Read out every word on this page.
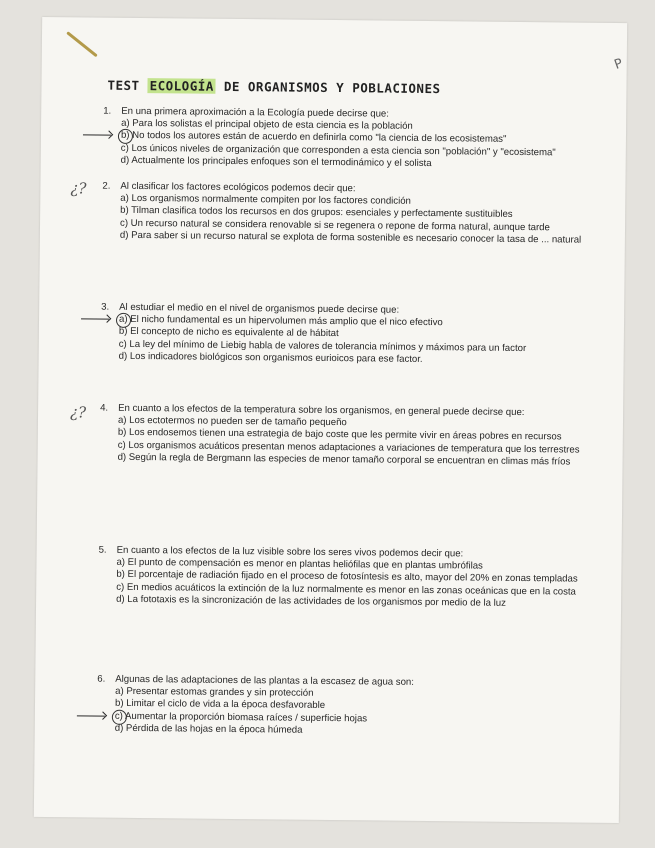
P
TEST ECOLOGÍA DE ORGANISMOS Y POBLACIONES
1.	En una primera aproximación a la Ecología puede decirse que:

a) Para los solistas el principal objeto de esta ciencia es la población

b) No todos los autores están de acuerdo en definirla como "la ciencia de los ecosistemas"

c) Los únicos niveles de organización que corresponden a esta ciencia son "población" y "ecosistema"

d) Actualmente los principales enfoques son el termodinámico y el solista

¿? 2.	Al clasificar los factores ecológicos podemos decir que:

a) Los organismos normalmente compiten por los factores condición

b) Tilman clasifica todos los recursos en dos grupos: esenciales y perfectamente sustituibles

c) Un recurso natural se considera renovable si se regenera o repone de forma natural, aunque tarde

d) Para saber si un recurso natural se explota de forma sostenible es necesario conocer la tasa de ... natural

3.	Al estudiar el medio en el nivel de organismos puede decirse que:

a) El nicho fundamental es un hipervolumen más amplio que el nico efectivo

b) El concepto de nicho es equivalente al de hábitat

c) La ley del mínimo de Liebig habla de valores de tolerancia mínimos y máximos para un factor

d) Los indicadores biológicos son organismos eurioicos para ese factor.

¿? 4.	En cuanto a los efectos de la temperatura sobre los organismos, en general puede decirse que:

a) Los ectotermos no pueden ser de tamaño pequeño

b) Los endosemos tienen una estrategia de bajo coste que les permite vivir en áreas pobres en recursos

c) Los organismos acuáticos presentan menos adaptaciones a variaciones de temperatura que los terrestres

d) Según la regla de Bergmann las especies de menor tamaño corporal se encuentran en climas más fríos

5.	En cuanto a los efectos de la luz visible sobre los seres vivos podemos decir que:

a) El punto de compensación es menor en plantas heliófilas que en plantas umbrófilas

b) El porcentaje de radiación fijado en el proceso de fotosíntesis es alto, mayor del 20% en zonas templadas

c) En medios acuáticos la extinción de la luz normalmente es menor en las zonas oceánicas que en la costa

d) La fototaxis es la sincronización de las actividades de los organismos por medio de la luz

6.	Algunas de las adaptaciones de las plantas a la escasez de agua son:

a) Presentar estomas grandes y sin protección

b) Limitar el ciclo de vida a la época desfavorable

c) Aumentar la proporción biomasa raíces / superficie hojas

d) Pérdida de las hojas en la época húmeda
